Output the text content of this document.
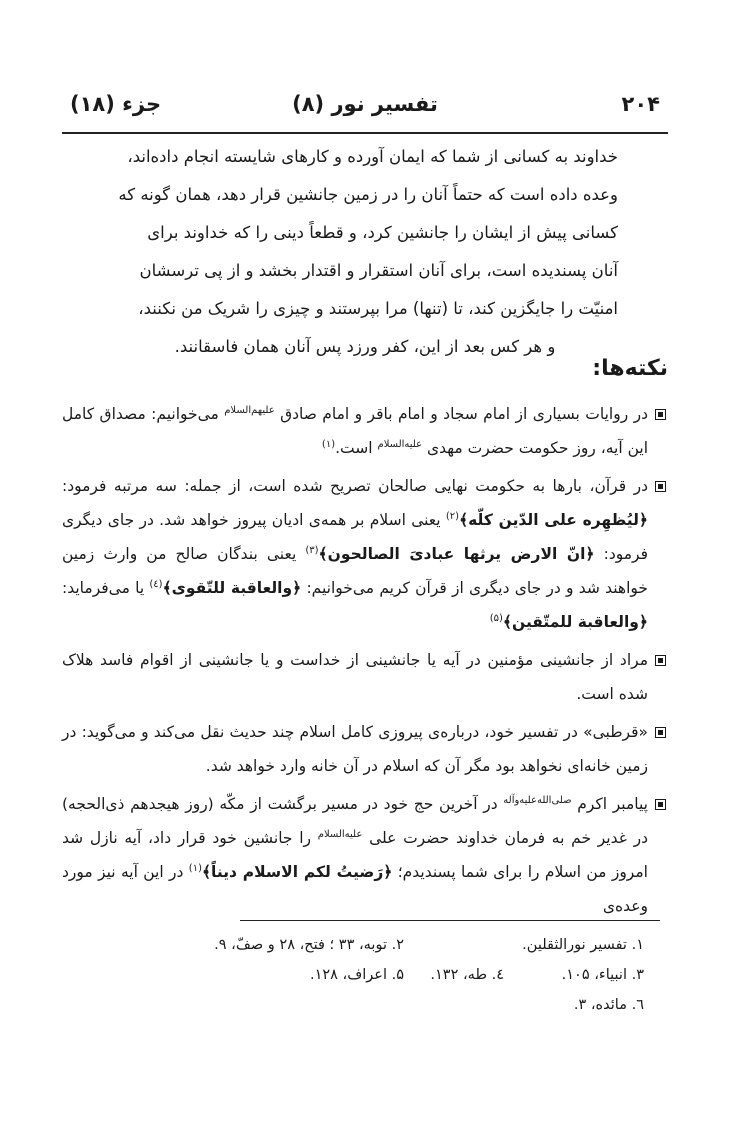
۲۰۴
تفسیر نور (۸)
جزء (۱۸)
خداوند به کسانی از شما که ایمان آورده و کارهای شایسته انجام داده‌اند،
وعده داده است که حتماً آنان را در زمین جانشین قرار دهد، همان گونه که
کسانی پیش از ایشان را جانشین کرد، و قطعاً دینی را که خداوند برای
آنان پسندیده است، برای آنان استقرار و اقتدار بخشد و از پی ترسشان
امنیّت را جایگزین کند، تا (تنها) مرا بپرستند و چیزی را شریک من نکنند،
و هر کس بعد از این، کفر ورزد پس آنان همان فاسقانند.
نکته‌ها:
در روایات بسیاری از امام سجاد و امام باقر و امام صادق $^{علیهم‌السلام}$ می‌خوانیم: مصداق کامل این آیه، روز حکومت حضرت مهدی $^{علیه‌السلام}$ است.$^{(۱)}$
در قرآن، بارها به حکومت نهایی صالحان تصریح شده است، از جمله: سه مرتبه فرمود: ﴿لیُظهِره علی الدّین کلّه﴾$^{(۲)}$ یعنی اسلام بر همه‌ی ادیان پیروز خواهد شد. در جای دیگری فرمود: ﴿انّ الارض یرثها عبادیَ الصالحون﴾$^{(۳)}$ یعنی بندگان صالح من وارث زمین خواهند شد و در جای دیگری از قرآن کریم می‌خوانیم: ﴿والعاقبة للتّقوی﴾$^{(٤)}$ یا می‌فرماید: ﴿والعاقبة للمتّقین﴾$^{(۵)}$
مراد از جانشینی مؤمنین در آیه یا جانشینی از خداست و یا جانشینی از اقوام فاسد هلاک شده است.
«قرطبی» در تفسیر خود، درباره‌ی پیروزی کامل اسلام چند حدیث نقل می‌کند و می‌گوید: در زمین خانه‌ای نخواهد بود مگر آن که اسلام در آن خانه وارد خواهد شد.
پیامبر اکرم $^{صلی‌الله‌علیه‌وآله}$ در آخرین حج خود در مسیر برگشت از مکّه (روز هیجدهم ذی‌الحجه) در غدیر خم به فرمان خداوند حضرت علی $^{علیه‌السلام}$ را جانشین خود قرار داد، آیه نازل شد امروز من اسلام را برای شما پسندیدم؛ ﴿رَضیتُ لکم الاسلام دیناً﴾$^{(۱)}$ در این آیه نیز مورد وعده‌ی
۱. تفسیر نورالثقلین.
۲. توبه، ۳۳ ؛ فتح، ۲۸ و صفّ، ۹.
۳. انبیاء، ۱۰۵.
٤. طه، ۱۳۲.
۵. اعراف، ۱۲۸.
٦. مائده، ۳.
